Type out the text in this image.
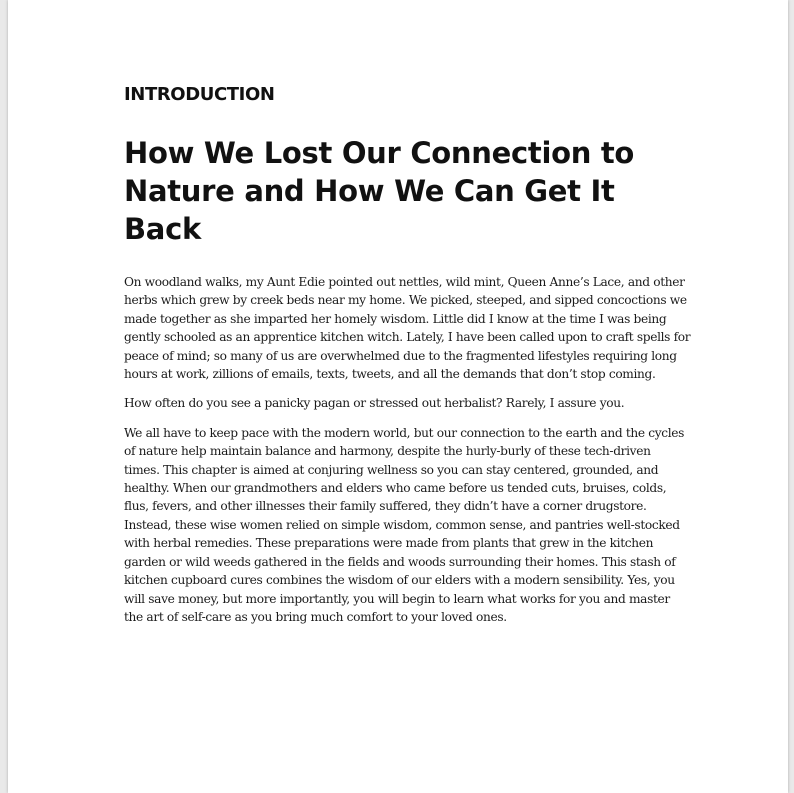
INTRODUCTION
How We Lost Our Connection to Nature and How We Can Get It Back

On woodland walks, my Aunt Edie pointed out nettles, wild mint, Queen Anne’s Lace, and other
herbs which grew by creek beds near my home. We picked, steeped, and sipped concoctions we
made together as she imparted her homely wisdom. Little did I know at the time I was being
gently schooled as an apprentice kitchen witch. Lately, I have been called upon to craft spells for
peace of mind; so many of us are overwhelmed due to the fragmented lifestyles requiring long
hours at work, zillions of emails, texts, tweets, and all the demands that don’t stop coming.

How often do you see a panicky pagan or stressed out herbalist? Rarely, I assure you.

We all have to keep pace with the modern world, but our connection to the earth and the cycles
of nature help maintain balance and harmony, despite the hurly-burly of these tech-driven
times. This chapter is aimed at conjuring wellness so you can stay centered, grounded, and
healthy. When our grandmothers and elders who came before us tended cuts, bruises, colds,
flus, fevers, and other illnesses their family suffered, they didn’t have a corner drugstore.
Instead, these wise women relied on simple wisdom, common sense, and pantries well-stocked
with herbal remedies. These preparations were made from plants that grew in the kitchen
garden or wild weeds gathered in the fields and woods surrounding their homes. This stash of
kitchen cupboard cures combines the wisdom of our elders with a modern sensibility. Yes, you
will save money, but more importantly, you will begin to learn what works for you and master
the art of self-care as you bring much comfort to your loved ones.
